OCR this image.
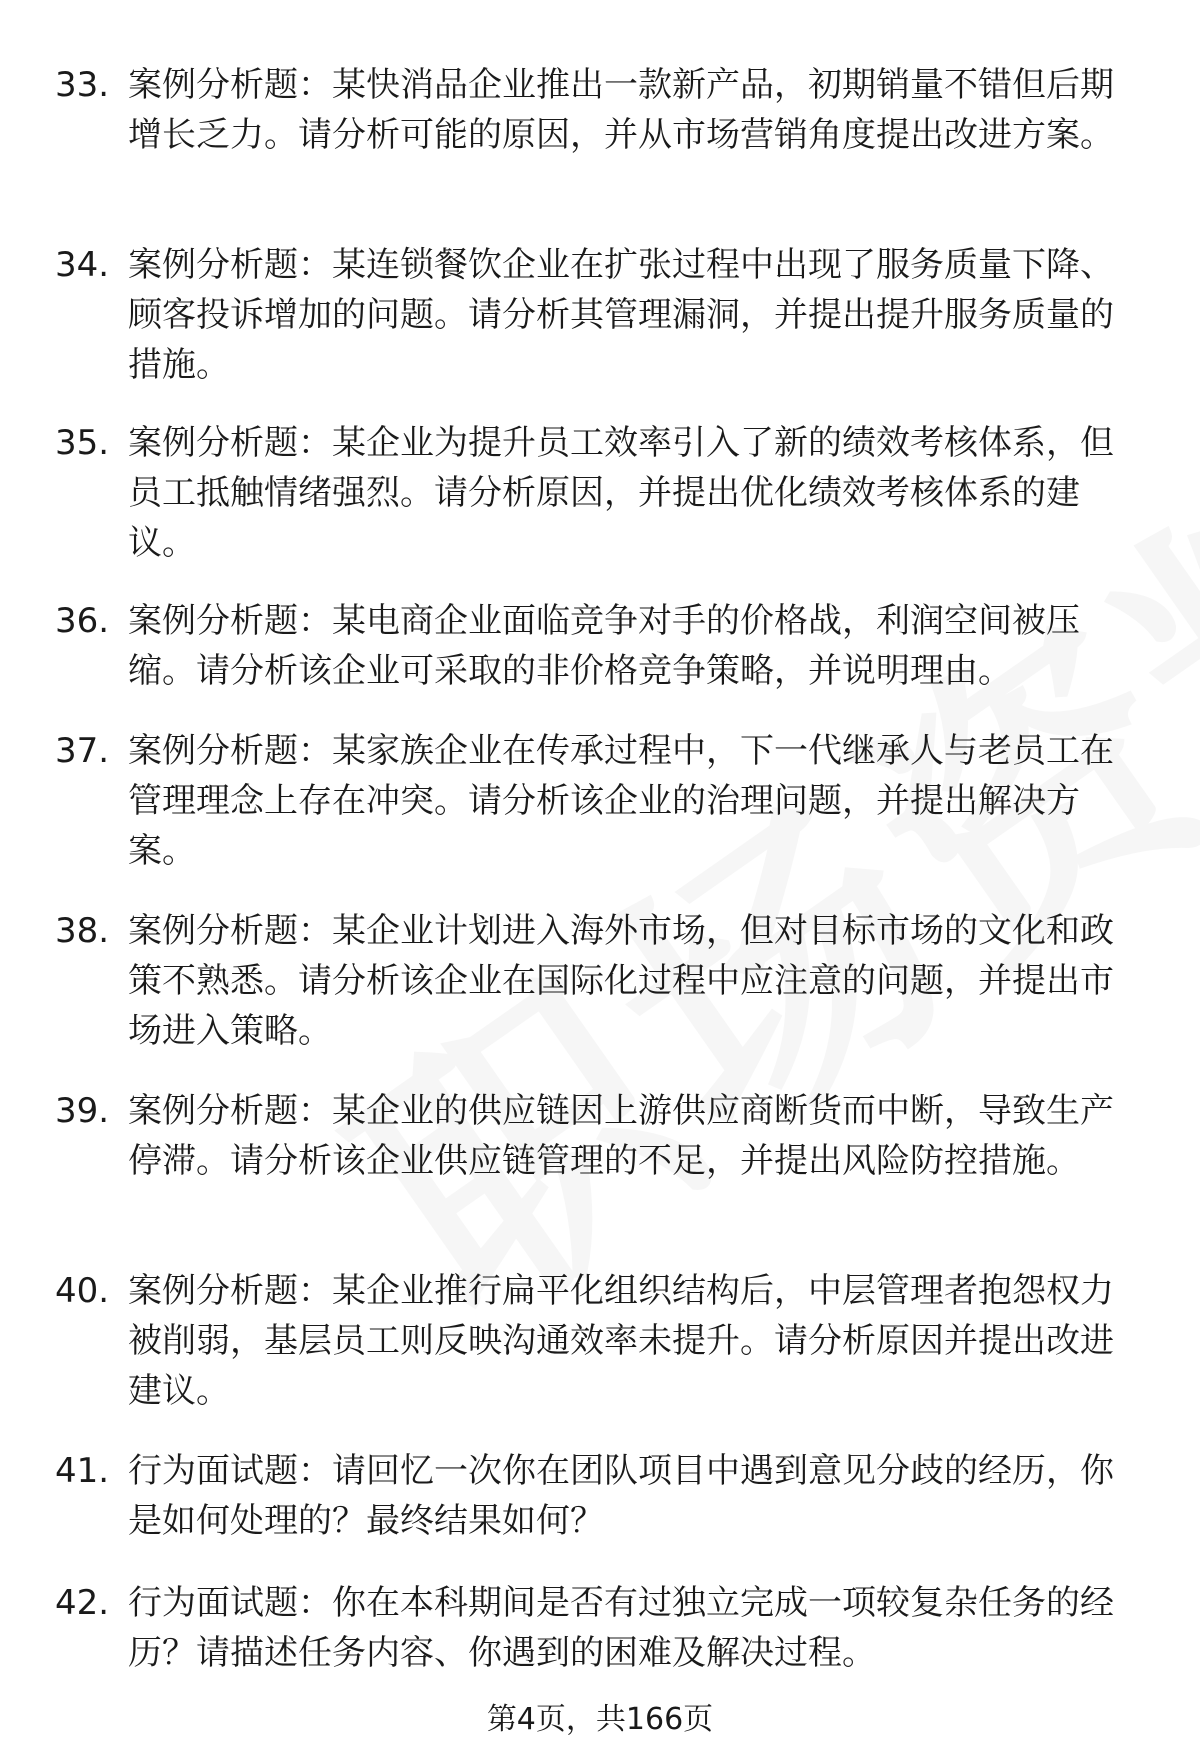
33. 案例分析题：某快消品企业推出一款新产品，初期销量不错但后期增长乏力。请分析可能的原因，并从市场营销角度提出改进方案。
34. 案例分析题：某连锁餐饮企业在扩张过程中出现了服务质量下降、顾客投诉增加的问题。请分析其管理漏洞，并提出提升服务质量的措施。
35. 案例分析题：某企业为提升员工效率引入了新的绩效考核体系，但员工抵触情绪强烈。请分析原因，并提出优化绩效考核体系的建议。
36. 案例分析题：某电商企业面临竞争对手的价格战，利润空间被压缩。请分析该企业可采取的非价格竞争策略，并说明理由。
37. 案例分析题：某家族企业在传承过程中，下一代继承人与老员工在管理理念上存在冲突。请分析该企业的治理问题，并提出解决方案。
38. 案例分析题：某企业计划进入海外市场，但对目标市场的文化和政策不熟悉。请分析该企业在国际化过程中应注意的问题，并提出市场进入策略。
39. 案例分析题：某企业的供应链因上游供应商断货而中断，导致生产停滞。请分析该企业供应链管理的不足，并提出风险防控措施。
40. 案例分析题：某企业推行扁平化组织结构后，中层管理者抱怨权力被削弱，基层员工则反映沟通效率未提升。请分析原因并提出改进建议。
41. 行为面试题：请回忆一次你在团队项目中遇到意见分歧的经历，你是如何处理的？最终结果如何？
42. 行为面试题：你在本科期间是否有过独立完成一项较复杂任务的经历？请描述任务内容、你遇到的困难及解决过程。
第4页，共166页
